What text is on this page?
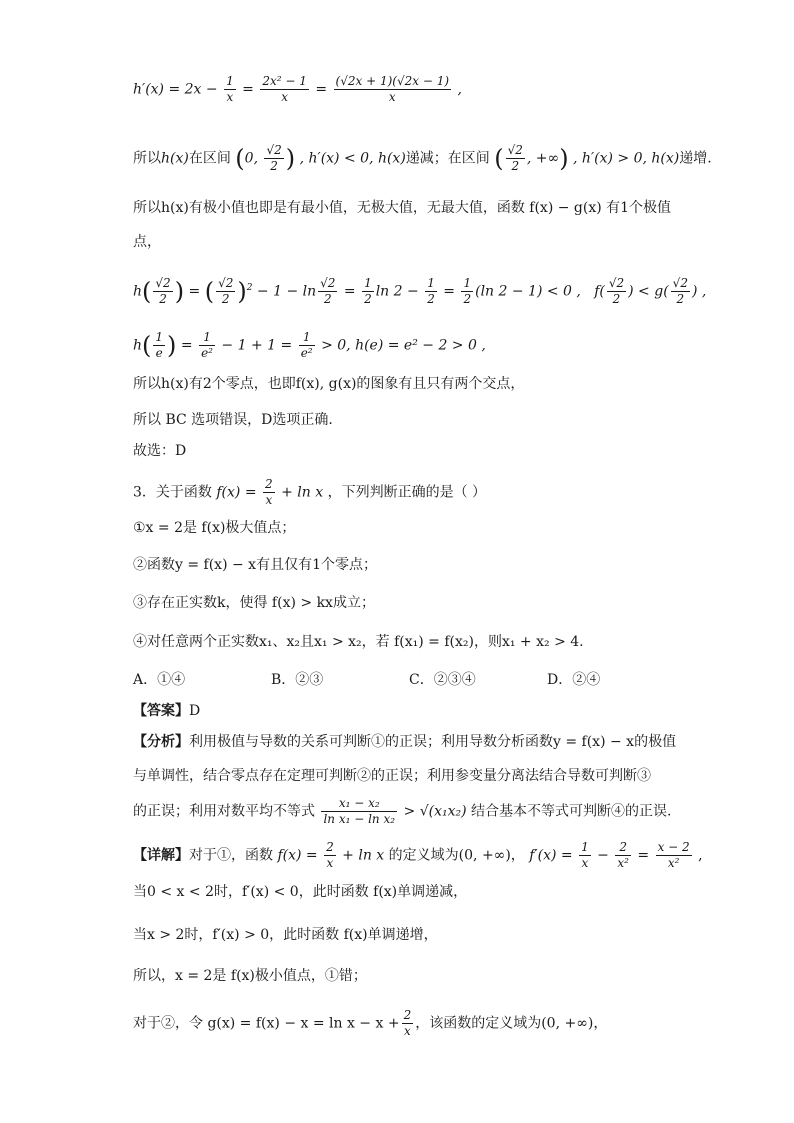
$h'(x) = 2x - \frac{1}{x} = \frac{\text{2x² − 1}}{x} = \frac{(√2x + 1)(√2x - 1)}{x}$ ,
所以h(x)在区间 (0, $\frac{√2}{2}$ ) , h′(x) < 0, h(x)递减；在区间 ( $\frac{√2}{2}$ , +∞) , h′(x) > 0, h(x)递增.
所以h(x)有极小值也即是有最小值，无极大值，无最大值，函数 f(x) − g(x) 有1个极值
点，
$h( \frac{√2}{2}$ ) = ( $\frac{√2}{2} )^2 - 1 - \ln \frac{√2}{2} = \frac{1}{2}$ $\ln 2 - \frac{1}{2} = \frac{1}{2} (\ln$ 2 − 1) < 0 ,   $f( \frac{√2}{2}$ ) < $g( \frac{√2}{2}$ ) ,
$h( \frac{1}{e}$ ) = $\frac{1}{\text{e²}} - 1 + 1 = \frac{1}{\text{e²}} > 0$, h(e) = e² − 2 > 0 ,
所以h(x)有2个零点，也即f(x), g(x)的图象有且只有两个交点，
所以 BC 选项错误，D选项正确.
故选：D
3．关于函数 $f(x) = \frac{2}{x} + \ln x$ ，下列判断正确的是（ ）
①x = 2是 f(x)极大值点；
②函数y = f(x) − x有且仅有1个零点；
③存在正实数k，使得 f(x) > kx成立；
④对任意两个正实数x₁、x₂且x₁ > x₂，若 f(x₁) = f(x₂)，则x₁ + x₂ > 4.
A．①④	B．②③	C．②③④	D．②④
【答案】D
【分析】利用极值与导数的关系可判断①的正误；利用导数分析函数y = f(x) − x的极值
与单调性，结合零点存在定理可判断②的正误；利用参变量分离法结合导数可判断③
的正误；利用对数平均不等式 $\frac{\text{x₁ − x₂}}{\text{ln x₁ − ln x₂}} > √(x_1x_2)$ 结合基本不等式可判断④的正误.
【详解】对于①，函数 $f(x) = \frac{2}{x} + \ln x$ 的定义域为(0, +∞)， $f'(x) = \frac{1}{x} - \frac{2}{\text{x²}} = \frac{x - 2}{\text{x²}}$ ,
当0 < x < 2时，f′(x) < 0，此时函数 f(x)单调递减，
当x > 2时，f′(x) > 0，此时函数 f(x)单调递增，
所以，x = 2是 f(x)极小值点，①错；
对于②，令 $g(x) = f(x) - x = \ln x - x + \frac{2}{x}$ ，该函数的定义域为(0, +∞)，
